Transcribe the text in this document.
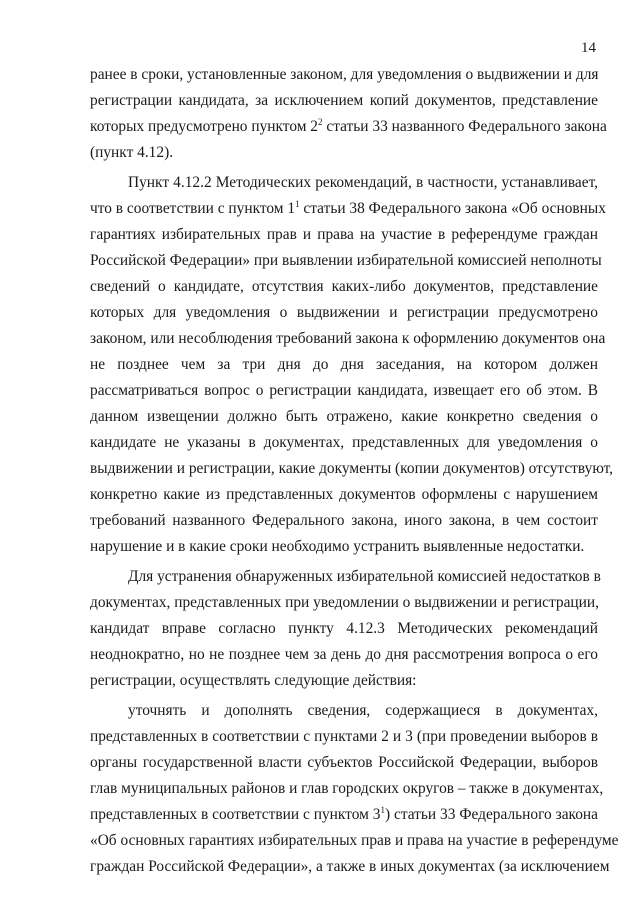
14
ранее в сроки, установленные законом, для уведомления о выдвижении и для
регистрации кандидата, за исключением копий документов, представление
которых предусмотрено пунктом $2^2$ статьи 33 названного Федерального закона
(пункт 4.12).
Пункт 4.12.2 Методических рекомендаций, в частности, устанавливает,
что в соответствии с пунктом $1^1$ статьи 38 Федерального закона «Об основных
гарантиях избирательных прав и права на участие в референдуме граждан
Российской Федерации» при выявлении избирательной комиссией неполноты
сведений о кандидате, отсутствия каких-либо документов, представление
которых для уведомления о выдвижении и регистрации предусмотрено
законом, или несоблюдения требований закона к оформлению документов она
не позднее чем за три дня до дня заседания, на котором должен
рассматриваться вопрос о регистрации кандидата, извещает его об этом. В
данном извещении должно быть отражено, какие конкретно сведения о
кандидате не указаны в документах, представленных для уведомления о
выдвижении и регистрации, какие документы (копии документов) отсутствуют,
конкретно какие из представленных документов оформлены с нарушением
требований названного Федерального закона, иного закона, в чем состоит
нарушение и в какие сроки необходимо устранить выявленные недостатки.
Для устранения обнаруженных избирательной комиссией недостатков в
документах, представленных при уведомлении о выдвижении и регистрации,
кандидат вправе согласно пункту 4.12.3 Методических рекомендаций
неоднократно, но не позднее чем за день до дня рассмотрения вопроса о его
регистрации, осуществлять следующие действия:
уточнять и дополнять сведения, содержащиеся в документах,
представленных в соответствии с пунктами 2 и 3 (при проведении выборов в
органы государственной власти субъектов Российской Федерации, выборов
глав муниципальных районов и глав городских округов – также в документах,
представленных в соответствии с пунктом $3^1$) статьи 33 Федерального закона
«Об основных гарантиях избирательных прав и права на участие в референдуме
граждан Российской Федерации», а также в иных документах (за исключением
